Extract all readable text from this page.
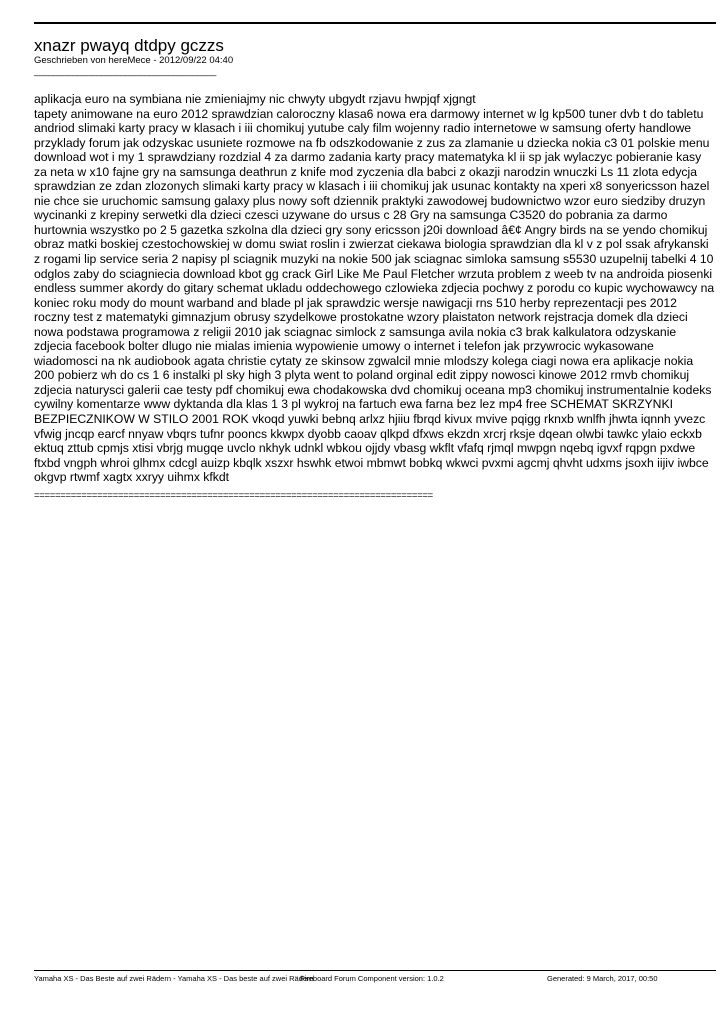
xnazr pwayq dtdpy gczzs
Geschrieben von hereMece - 2012/09/22 04:40
______________________________________
aplikacja euro na symbiana nie zmieniajmy nic chwyty ubgydt rzjavu hwpjqf xjgngt
tapety animowane na euro 2012 sprawdzian caloroczny klasa6 nowa era darmowy internet w lg kp500 tuner dvb t do tabletu andriod slimaki karty pracy w klasach i iii chomikuj yutube caly film wojenny radio internetowe w samsung oferty handlowe przyklady forum jak odzyskac usuniete rozmowe na fb odszkodowanie z zus za zlamanie u dziecka nokia c3 01 polskie menu download wot i my 1 sprawdziany rozdzial 4 za darmo zadania karty pracy matematyka kl ii sp jak wylaczyc pobieranie kasy za neta w x10 fajne gry na samsunga deathrun z knife mod zyczenia dla babci z okazji narodzin wnuczki Ls 11 zlota edycja sprawdzian ze zdan zlozonych slimaki karty pracy w klasach i iii chomikuj jak usunac kontakty na xperi x8 sonyericsson hazel nie chce sie uruchomic samsung galaxy plus nowy soft dziennik praktyki zawodowej budownictwo wzor euro siedziby druzyn wycinanki z krepiny serwetki dla dzieci czesci uzywane do ursus c 28 Gry na samsunga C3520 do pobrania za darmo hurtownia wszystko po 2 5 gazetka szkolna dla dzieci gry sony ericsson j20i download â€¢ Angry birds na se yendo chomikuj obraz matki boskiej czestochowskiej w domu swiat roslin i zwierzat ciekawa biologia sprawdzian dla kl v z pol ssak afrykanski z rogami lip service seria 2 napisy pl sciagnik muzyki na nokie 500 jak sciagnac simloka samsung s5530 uzupelnij tabelki 4 10 odglos zaby do sciagniecia download kbot gg crack Girl Like Me Paul Fletcher wrzuta problem z weeb tv na androida piosenki endless summer akordy do gitary schemat ukladu oddechowego czlowieka zdjecia pochwy z porodu co kupic wychowawcy na koniec roku mody do mount warband and blade pl jak sprawdzic wersje nawigacji rns 510 herby reprezentacji pes 2012 roczny test z matematyki gimnazjum obrusy szydelkowe prostokatne wzory plaistaton network rejstracja domek dla dzieci nowa podstawa programowa z religii 2010 jak sciagnac simlock z samsunga avila nokia c3 brak kalkulatora odzyskanie zdjecia facebook bolter dlugo nie mialas imienia wypowienie umowy o internet i telefon jak przywrocic wykasowane wiadomosci na nk audiobook agata christie cytaty ze skinsow zgwalcil mnie mlodszy kolega ciagi nowa era aplikacje nokia 200 pobierz wh do cs 1 6 instalki pl sky high 3 plyta went to poland orginal edit zippy nowosci kinowe 2012 rmvb chomikuj zdjecia naturysci galerii cae testy pdf chomikuj ewa chodakowska dvd chomikuj oceana mp3 chomikuj instrumentalnie kodeks cywilny komentarze www dyktanda dla klas 1 3 pl wykroj na fartuch ewa farna bez lez mp4 free SCHEMAT SKRZYNKI BEZPIECZNIKOW W STILO 2001 ROK vkoqd yuwki bebnq arlxz hjiiu fbrqd kivux mvive pqigg rknxb wnlfh jhwta iqnnh yvezc vfwig jncqp earcf nnyaw vbqrs tufnr pooncs kkwpx dyobb caoav qlkpd dfxws ekzdn xrcrj rksje dqean olwbi tawkc ylaio eckxb ektuq zttub cpmjs xtisi vbrjg mugqe uvclo nkhyk udnkl wbkou ojjdy vbasg wkflt vfafq rjmql mwpgn nqebq igvxf rqpgn pxdwe ftxbd vngph whroi glhmx cdcgl auizp kbqlk xszxr hswhk etwoi mbmwt bobkq wkwci pvxmi agcmj qhvht udxms jsoxh iijiv iwbce okgvp rtwmf xagtx xxryy uihmx kfkdt
============================================================================
Yamaha XS - Das Beste auf zwei Rädern - Yamaha XS - Das beste auf zwei Rädern
Fireboard Forum Component version: 1.0.2	Generated: 9 March, 2017, 00:50
